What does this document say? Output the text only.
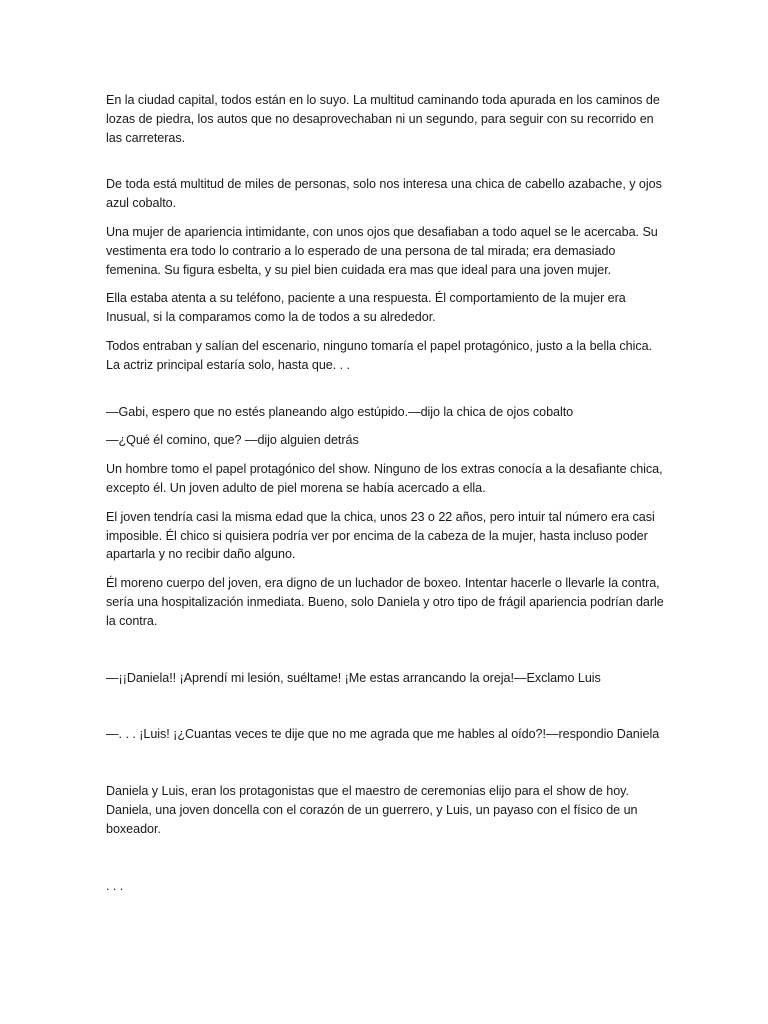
En la ciudad capital, todos están en lo suyo. La multitud caminando toda apurada en los caminos de lozas de piedra, los autos que no desaprovechaban ni un segundo, para seguir con su recorrido en las carreteras.

De toda está multitud de miles de personas, solo nos interesa una chica de cabello azabache, y ojos azul cobalto.

Una mujer de apariencia intimidante, con unos ojos que desafiaban a todo aquel se le acercaba. Su vestimenta era todo lo contrario a lo esperado de una persona de tal mirada; era demasiado femenina. Su figura esbelta, y su piel bien cuidada era mas que ideal para una joven mujer.

Ella estaba atenta a su teléfono, paciente a una respuesta. Él comportamiento de la mujer era Inusual, si la comparamos como la de todos a su alrededor.

Todos entraban y salían del escenario, ninguno tomaría el papel protagónico, justo a la bella chica. La actriz principal estaría solo, hasta que. . .

—Gabi, espero que no estés planeando algo estúpido.—dijo la chica de ojos cobalto

—¿Qué él comino, que? —dijo alguien detrás

Un hombre tomo el papel protagónico del show. Ninguno de los extras conocía a la desafiante chica, excepto él. Un joven adulto de piel morena se había acercado a ella.

El joven tendría casi la misma edad que la chica, unos 23 o 22 años, pero intuir tal número era casi imposible. Él chico si quisiera podría ver por encima de la cabeza de la mujer, hasta incluso poder apartarla y no recibir daño alguno.

Él moreno cuerpo del joven, era digno de un luchador de boxeo. Intentar hacerle o llevarle la contra, sería una hospitalización inmediata. Bueno, solo Daniela y otro tipo de frágil apariencia podrían darle la contra.

—¡¡Daniela!! ¡Aprendí mi lesión, suéltame! ¡Me estas arrancando la oreja!—Exclamo Luis

—. . . ¡Luis! ¡¿Cuantas veces te dije que no me agrada que me hables al oído?!—respondio Daniela

Daniela y Luis, eran los protagonistas que el maestro de ceremonias elijo para el show de hoy. Daniela, una joven doncella con el corazón de un guerrero, y Luis, un payaso con el físico de un boxeador.

. . .
